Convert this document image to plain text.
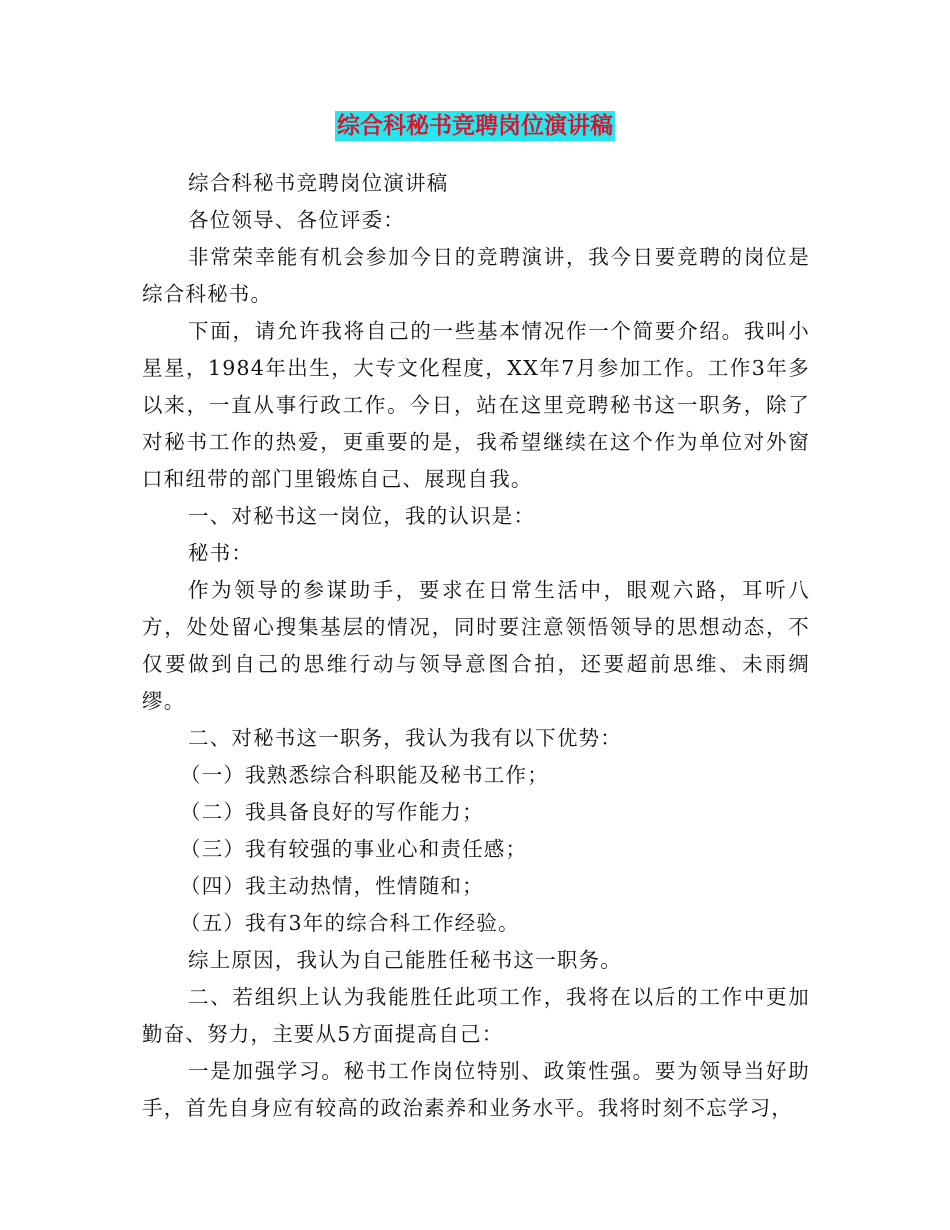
综合科秘书竞聘岗位演讲稿

综合科秘书竞聘岗位演讲稿

各位领导、各位评委：

非常荣幸能有机会参加今日的竞聘演讲，我今日要竞聘的岗位是综合科秘书。

下面，请允许我将自己的一些基本情况作一个简要介绍。我叫小星星，1984年出生，大专文化程度，XX年7月参加工作。工作3年多以来，一直从事行政工作。今日，站在这里竞聘秘书这一职务，除了对秘书工作的热爱，更重要的是，我希望继续在这个作为单位对外窗口和纽带的部门里锻炼自己、展现自我。

一、对秘书这一岗位，我的认识是：

秘书：

作为领导的参谋助手，要求在日常生活中，眼观六路，耳听八方，处处留心搜集基层的情况，同时要注意领悟领导的思想动态，不仅要做到自己的思维行动与领导意图合拍，还要超前思维、未雨绸缪。

二、对秘书这一职务，我认为我有以下优势：

（一）我熟悉综合科职能及秘书工作；

（二）我具备良好的写作能力；

（三）我有较强的事业心和责任感；

（四）我主动热情，性情随和；

（五）我有3年的综合科工作经验。

综上原因，我认为自己能胜任秘书这一职务。

二、若组织上认为我能胜任此项工作，我将在以后的工作中更加勤奋、努力，主要从5方面提高自己：

一是加强学习。秘书工作岗位特别、政策性强。要为领导当好助手，首先自身应有较高的政治素养和业务水平。我将时刻不忘学习，
